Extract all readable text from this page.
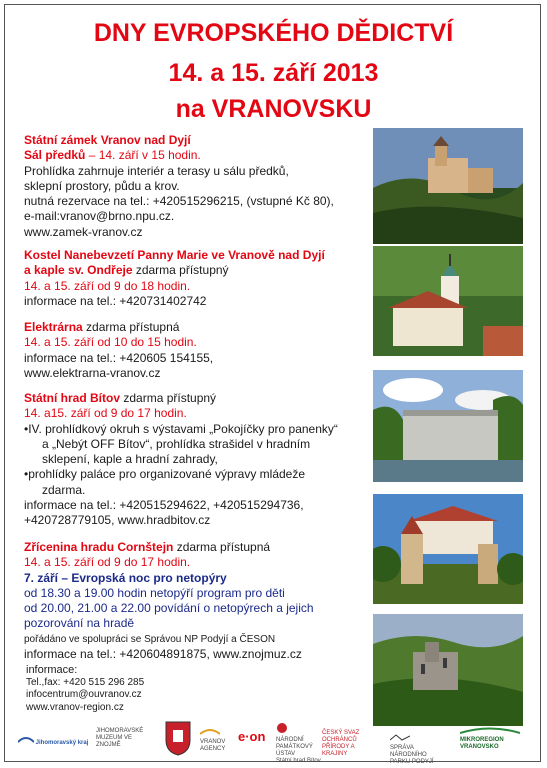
DNY EVROPSKÉHO DĚDICTVÍ
14. a 15. září 2013
na VRANOVSKU

Státní zámek Vranov nad Dyjí

Sál předků – 14. září v 15 hodin.

Prohlídka zahrnuje interiér a terasy u sálu předků,

sklepní prostory, půdu a krov.

nutná rezervace na tel.: +420515296215, (vstupné Kč 80),

e-mail:vranov@brno.npu.cz.

www.zamek-vranov.cz

Kostel Nanebevzetí Panny Marie ve Vranově nad Dyjí

a kaple sv. Ondřeje zdarma přístupný

14. a 15. září od 9 do 18 hodin.

informace na tel.: +420731402742

Elektrárna zdarma přístupná

14. a 15. září od 10 do 15 hodin.

informace na tel.: +420605 154155,

www.elektrarna-vranov.cz

Státní hrad Bítov zdarma přístupný

14. a15. září od 9 do 17 hodin.

•IV. prohlídkový okruh s výstavami „Pokojíčky pro panenky“

a „Nebýt OFF Bítov“, prohlídka strašidel v hradním

sklepení, kaple a hradní zahrady,

•prohlídky paláce pro organizované výpravy mládeže

zdarma.

informace na tel.: +420515294622, +420515294736,

+420728779105, www.hradbitov.cz

Zřícenina hradu Cornštejn zdarma přístupná

14. a 15. září od 9 do 17 hodin.

7. září – Evropská noc pro netopýry

od 18.30 a 19.00 hodin netopýří program pro děti

od 20.00, 21.00 a 22.00 povídání o netopýrech a jejich

pozorování na hradě

pořádáno ve spolupráci se Správou NP Podyjí a ČESON

informace na tel.: +420604891875, www.znojmuz.cz

informace:
Tel.,fax: +420 515 296 285
infocentrum@ouvranov.cz
www.vranov-region.cz
Jihomoravský kraj
JIHOMORAVSKÉ MUZEUM VE ZNOJMĚ	VRANOV AGENCY
e·on NÁRODNÍ PAMÁTKOVÝ ÚSTAV
Státní hrad Bítov
ČESKÝ SVAZ OCHRÁNCŮ PŘÍRODY A KRAJINY
SPRÁVA NÁRODNÍHO PARKU PODYJÍ
MIKROREGION VRANOVSKO
